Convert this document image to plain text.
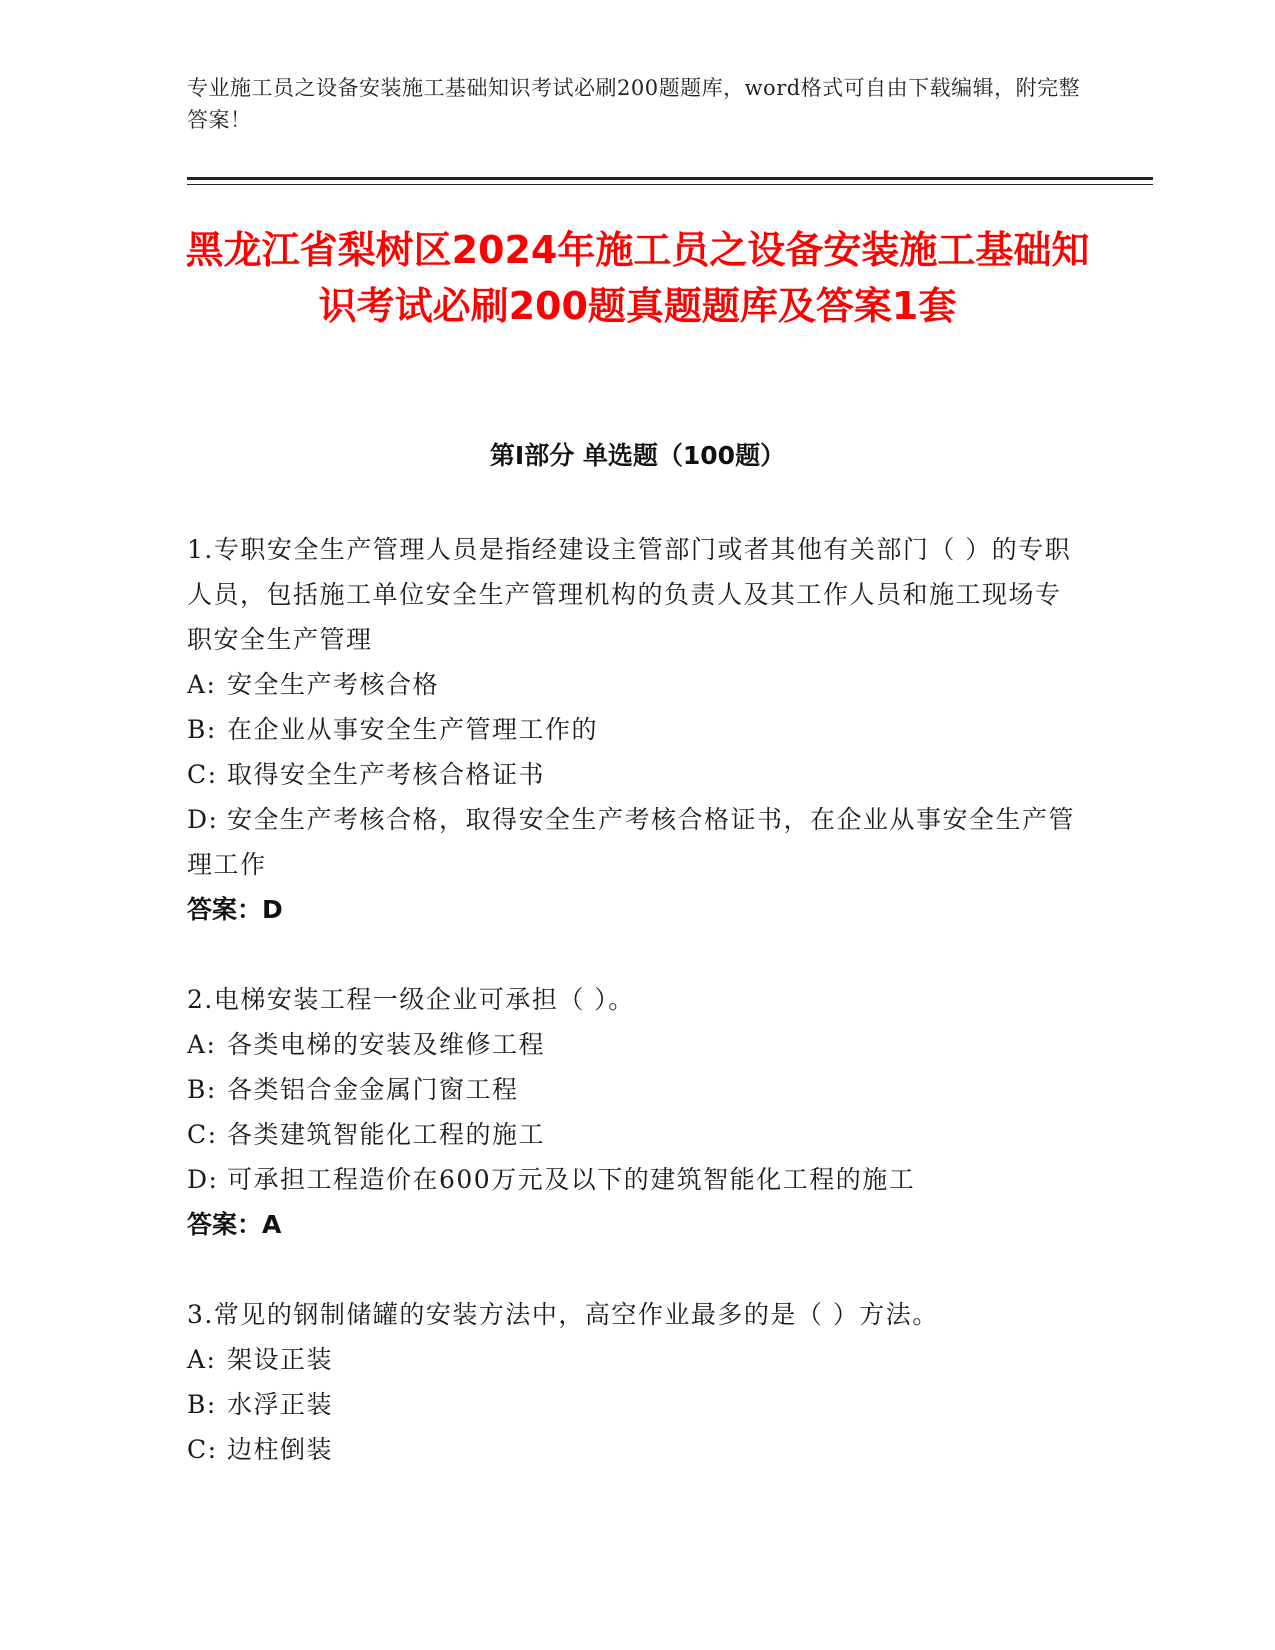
专业施工员之设备安装施工基础知识考试必刷200题题库，word格式可自由下载编辑，附完整答案！
黑龙江省梨树区2024年施工员之设备安装施工基础知识考试必刷200题真题题库及答案1套
第I部分 单选题（100题）

1.专职安全生产管理人员是指经建设主管部门或者其他有关部门（ ）的专职人员，包括施工单位安全生产管理机构的负责人及其工作人员和施工现场专职安全生产管理

A: 安全生产考核合格

B: 在企业从事安全生产管理工作的

C: 取得安全生产考核合格证书

D: 安全生产考核合格，取得安全生产考核合格证书，在企业从事安全生产管理工作

答案：D

2.电梯安装工程一级企业可承担（ ）。

A: 各类电梯的安装及维修工程

B: 各类铝合金金属门窗工程

C: 各类建筑智能化工程的施工

D: 可承担工程造价在600万元及以下的建筑智能化工程的施工

答案：A

3.常见的钢制储罐的安装方法中，高空作业最多的是（ ）方法。

A: 架设正装

B: 水浮正装

C: 边柱倒装
